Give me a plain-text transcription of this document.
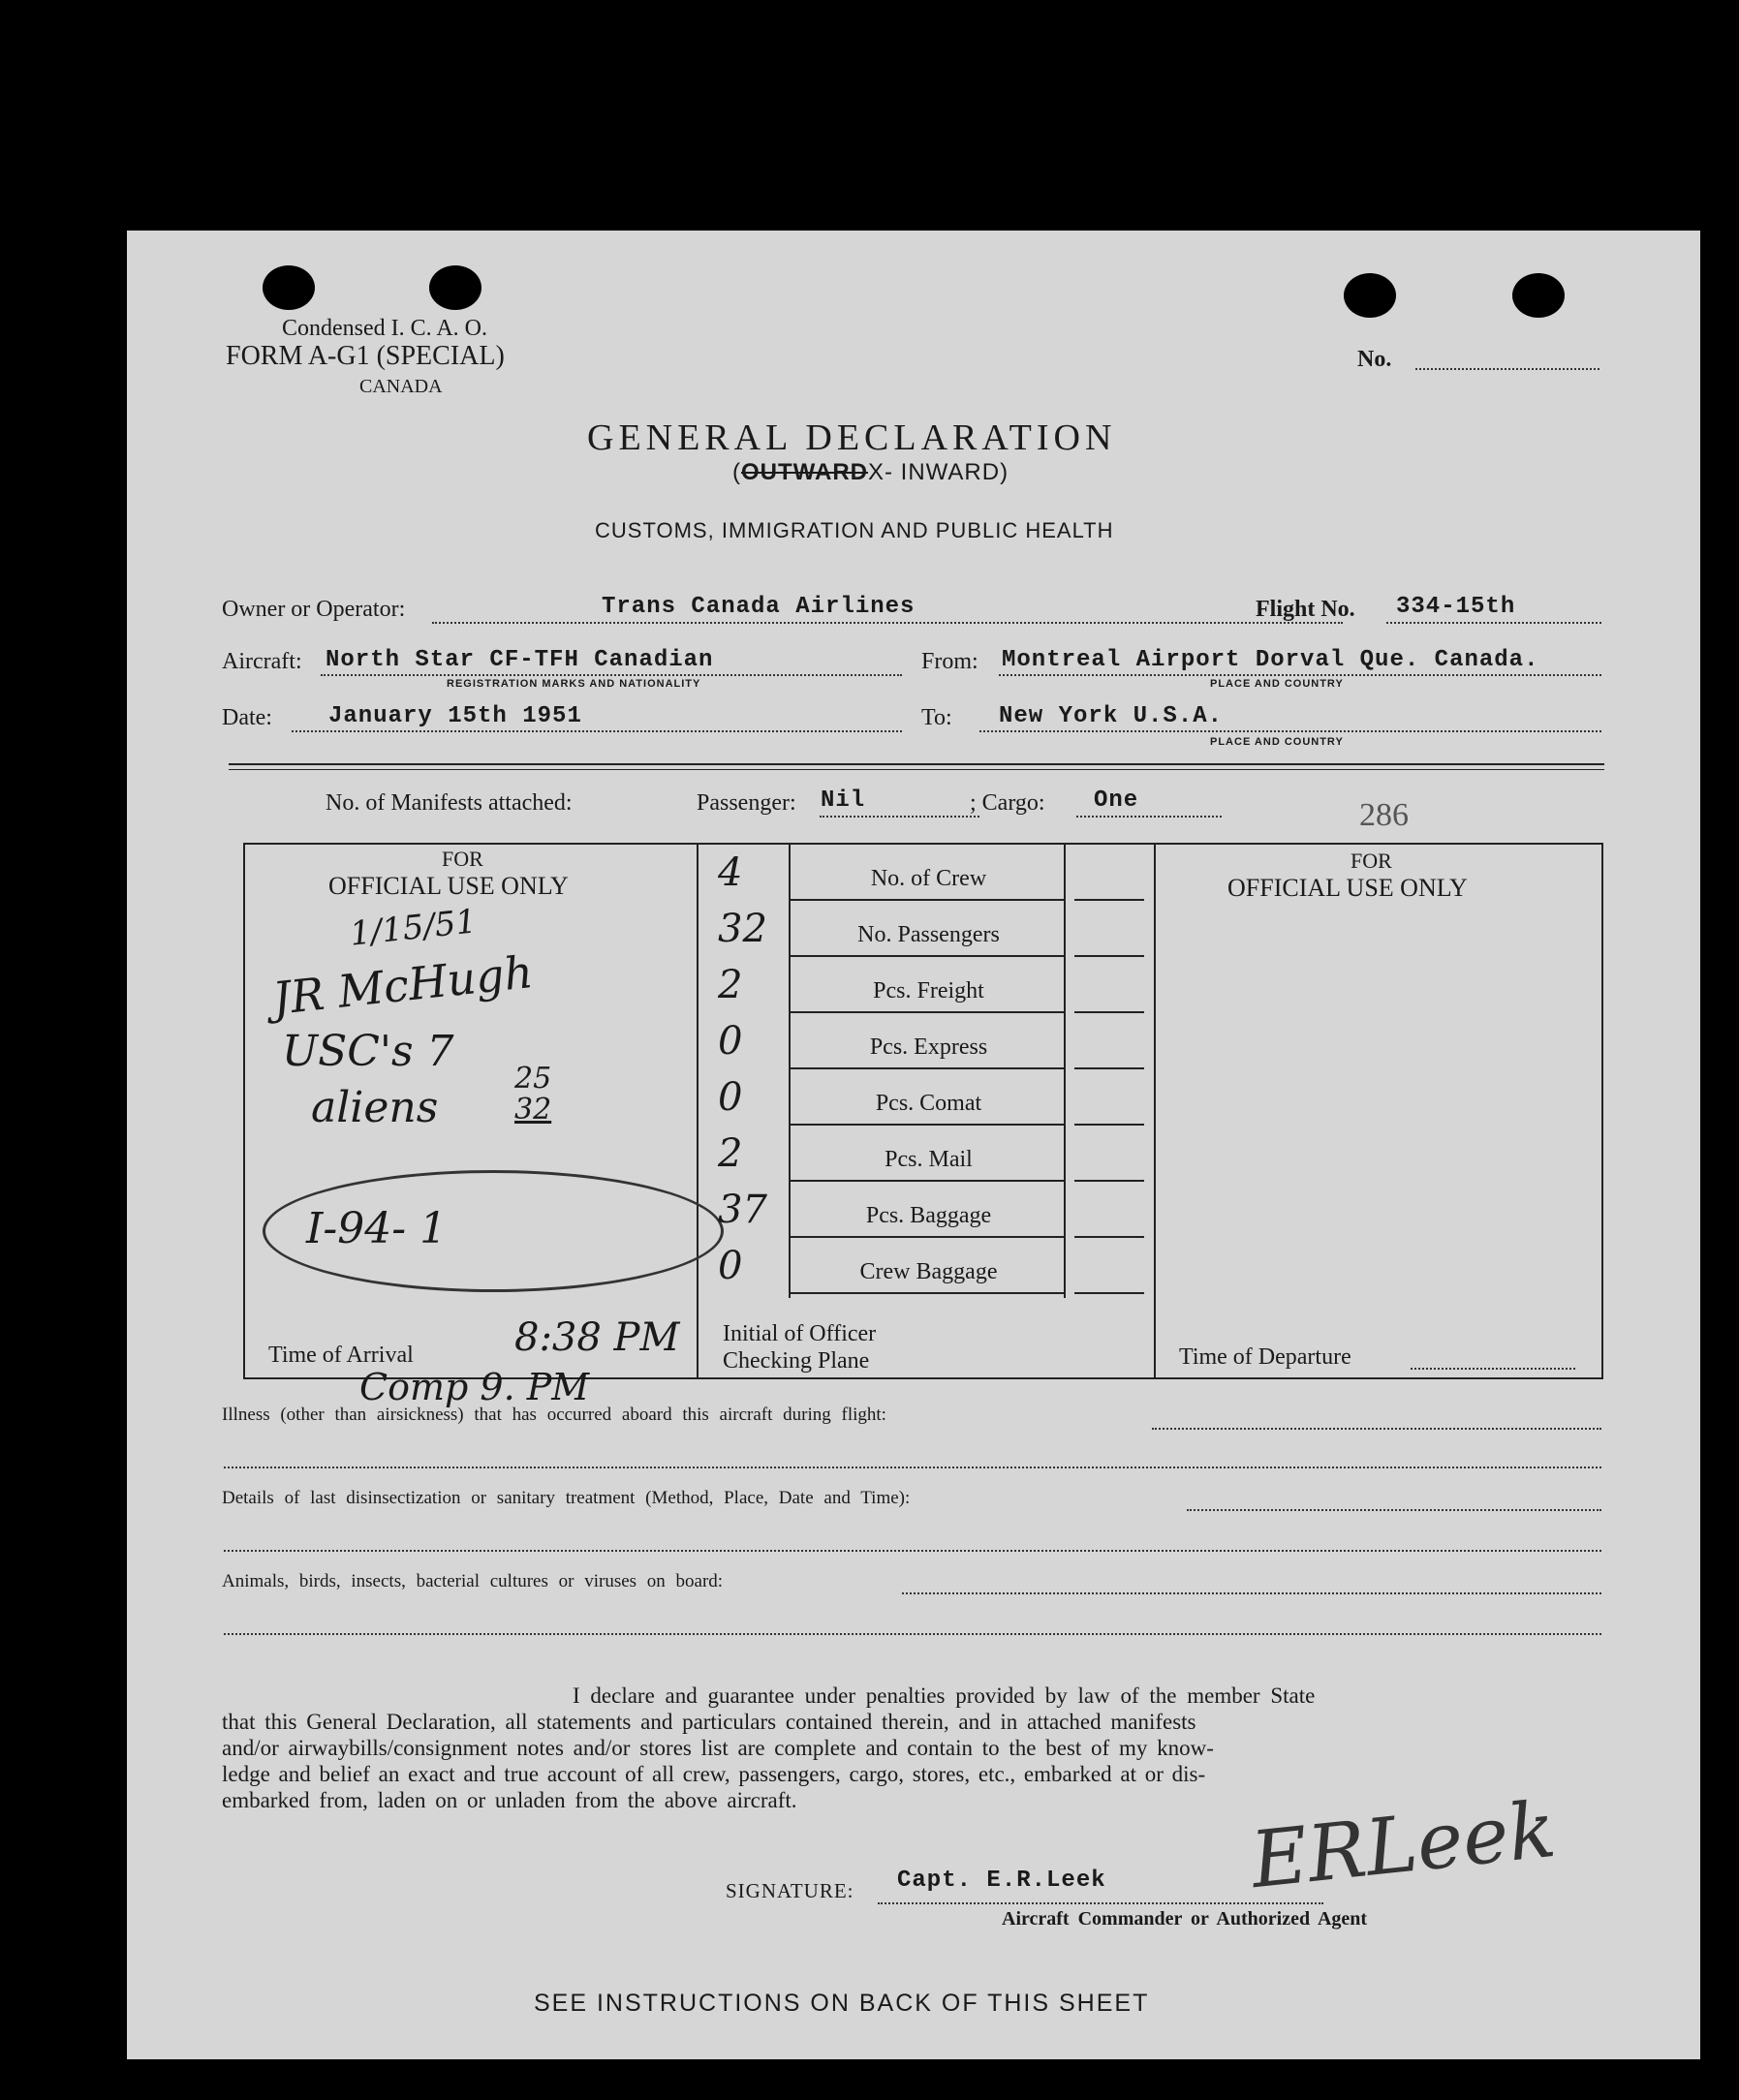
Condensed I. C. A. O.
FORM A-G1 (SPECIAL)
CANADA
No.
GENERAL DECLARATION
(OUTWARDX- INWARD)
CUSTOMS, IMMIGRATION AND PUBLIC HEALTH
Owner or Operator:	Trans Canada Airlines	Flight No. 334-15th
Aircraft: North Star CF-TFH Canadian
REGISTRATION MARKS AND NATIONALITY
From: Montreal Airport Dorval Que. Canada.
PLACE AND COUNTRY
Date: January 15th 1951	To: New York U.S.A.
PLACE AND COUNTRY
No. of Manifests attached:	Passenger: Nil	; Cargo: One	286
FOR
OFFICIAL USE ONLY
1/15/51
JR McHugh
USC's 7
aliens
25
32
I-94- 1
Time of Arrival	8:38 PM
Comp 9. PM
4	No. of Crew
32	No. Passengers
2	Pcs. Freight
0	Pcs. Express
0	Pcs. Comat
2	Pcs. Mail
37	Pcs. Baggage
0	Crew Baggage
Initial of Officer
Checking Plane
FOR
OFFICIAL USE ONLY
Time of Departure
Illness (other than airsickness) that has occurred aboard this aircraft during flight:
Details of last disinsectization or sanitary treatment (Method, Place, Date and Time):
Animals, birds, insects, bacterial cultures or viruses on board:
I declare and guarantee under penalties provided by law of the member State
that this General Declaration, all statements and particulars contained therein, and in attached manifests
and/or airwaybills/consignment notes and/or stores list are complete and contain to the best of my know-
ledge and belief an exact and true account of all crew, passengers, cargo, stores, etc., embarked at or dis-
embarked from, laden on or unladen from the above aircraft.
SIGNATURE: Capt. E.R.Leek ERLeek
Aircraft Commander or Authorized Agent
SEE INSTRUCTIONS ON BACK OF THIS SHEET
